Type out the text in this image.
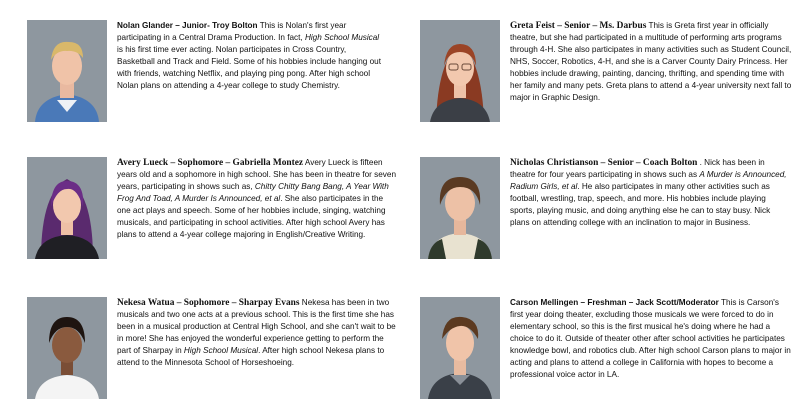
Nolan Glander – Junior- Troy Bolton This is Nolan's first year participating in a Central Drama Production. In fact, High School Musical is his first time ever acting. Nolan participates in Cross Country, Basketball and Track and Field. Some of his hobbies include hanging out with friends, watching Netflix, and playing ping pong. After high school Nolan plans on attending a 4-year college to study Chemistry.

Greta Feist – Senior – Ms. Darbus This is Greta first year in officially theatre, but she had participated in a multitude of performing arts programs through 4-H. She also participates in many activities such as Student Council, NHS, Soccer, Robotics, 4-H, and she is a Carver County Dairy Princess. Her hobbies include drawing, painting, dancing, thrifting, and spending time with her family and many pets. Greta plans to attend a 4-year university next fall to major in Graphic Design.

Avery Lueck – Sophomore – Gabriella Montez Avery Lueck is fifteen years old and a sophomore in high school. She has been in theatre for seven years, participating in shows such as, Chitty Chitty Bang Bang, A Year With Frog And Toad, A Murder Is Announced, et al. She also participates in the one act plays and speech. Some of her hobbies include, singing, watching musicals, and participating in school activities. After high school Avery has plans to attend a 4-year college majoring in English/Creative Writing.

Nicholas Christianson – Senior – Coach Bolton . Nick has been in theatre for four years participating in shows such as A Murder is Announced, Radium Girls, et al. He also participates in many other activities such as football, wrestling, trap, speech, and more. His hobbies include playing sports, playing music, and doing anything else he can to stay busy. Nick plans on attending college with an inclination to major in Business.

Nekesa Watua – Sophomore – Sharpay Evans Nekesa has been in two musicals and two one acts at a previous school. This is the first time she has been in a musical production at Central High School, and she can't wait to be in more! She has enjoyed the wonderful experience getting to perform the part of Sharpay in High School Musical. After high school Nekesa plans to attend to the Minnesota School of Horseshoeing.

Carson Mellingen – Freshman – Jack Scott/Moderator This is Carson's first year doing theater, excluding those musicals we were forced to do in elementary school, so this is the first musical he's doing where he had a choice to do it. Outside of theater other after school activities he participates knowledge bowl, and robotics club. After high school Carson plans to major in acting and plans to attend a college in California with hopes to become a professional voice actor in LA.
